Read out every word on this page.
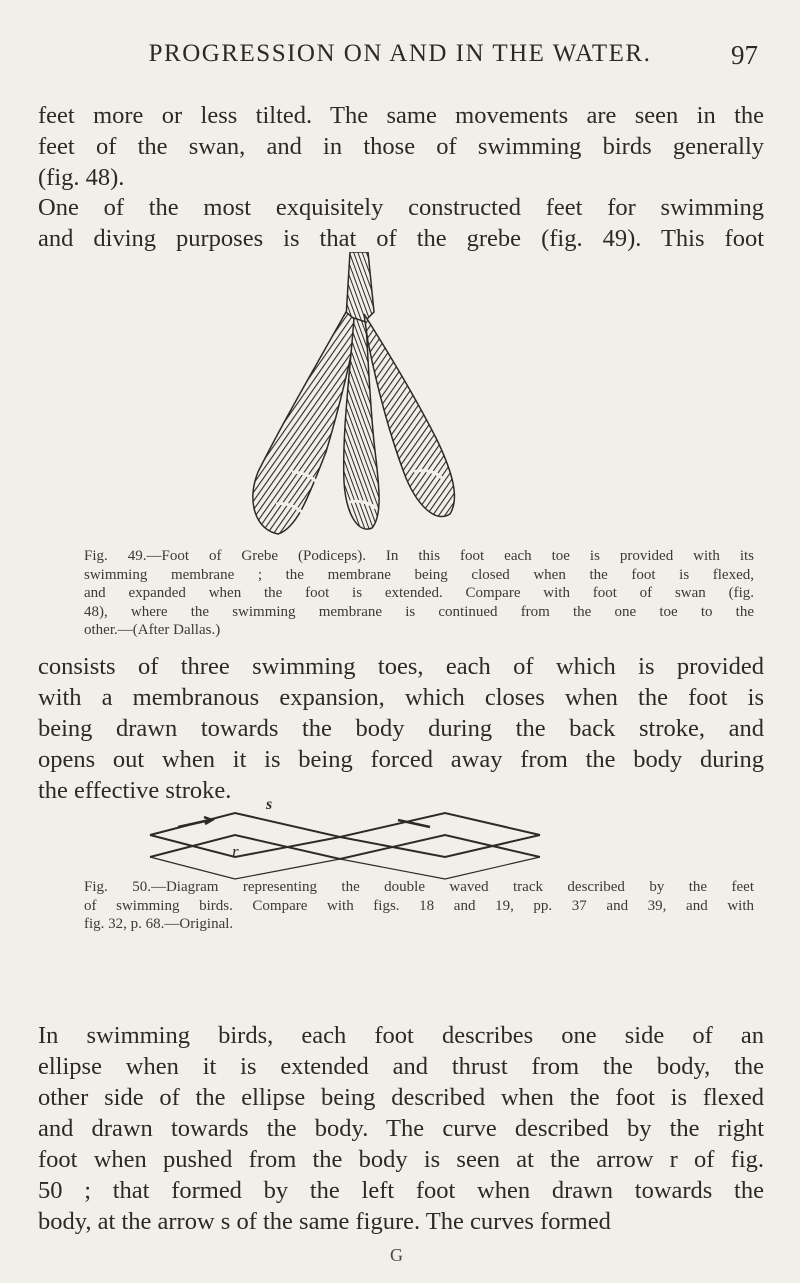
PROGRESSION ON AND IN THE WATER.	97

feet more or less tilted. The same movements are seen in the
feet of the swan, and in those of swimming birds generally
(fig. 48).

One of the most exquisitely constructed feet for swimming
and diving purposes is that of the grebe (fig. 49). This foot

Fig. 49.—Foot of Grebe (Podiceps). In this foot each toe is provided with its
swimming membrane ; the membrane being closed when the foot is flexed,
and expanded when the foot is extended. Compare with foot of swan (fig.
48), where the swimming membrane is continued from the one toe to the
other.—(After Dallas.)

consists of three swimming toes, each of which is provided
with a membranous expansion, which closes when the foot is
being drawn towards the body during the back stroke, and
opens out when it is being forced away from the body during
the effective stroke.

s
r
Fig. 50.—Diagram representing the double waved track described by the feet
of swimming birds. Compare with figs. 18 and 19, pp. 37 and 39, and with
fig. 32, p. 68.—Original.

In swimming birds, each foot describes one side of an
ellipse when it is extended and thrust from the body, the
other side of the ellipse being described when the foot is flexed
and drawn towards the body. The curve described by the right
foot when pushed from the body is seen at the arrow r of fig.
50 ; that formed by the left foot when drawn towards the
body, at the arrow s of the same figure. The curves formed

G
